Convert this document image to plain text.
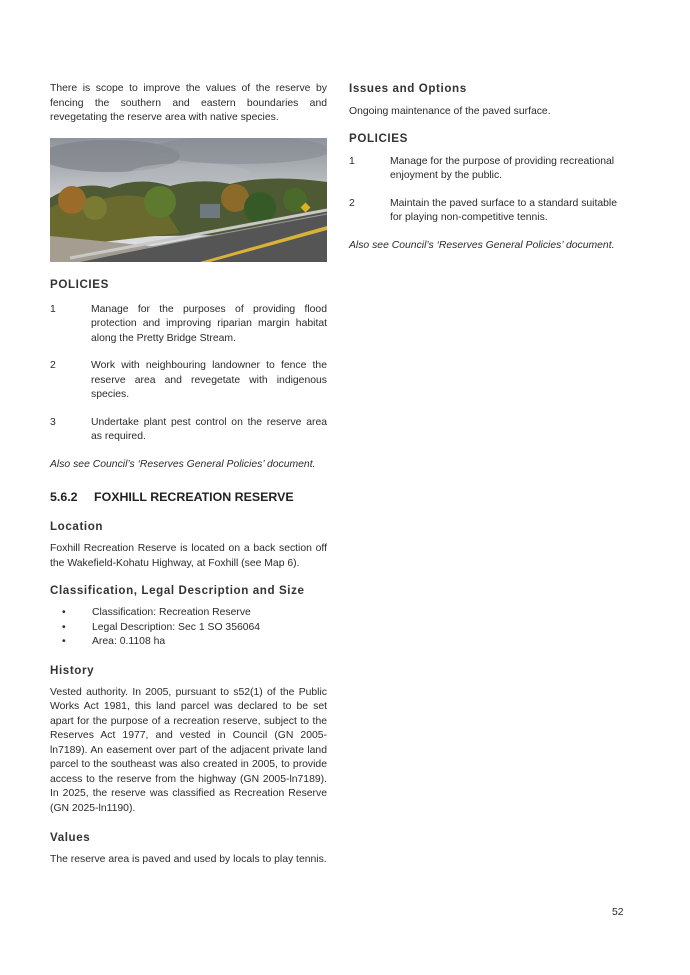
There is scope to improve the values of the reserve by fencing the southern and eastern boundaries and revegetating the reserve area with native species.

POLICIES
1	Manage for the purposes of providing flood protection and improving riparian margin habitat along the Pretty Bridge Stream.
2	Work with neighbouring landowner to fence the reserve area and revegetate with indigenous species.
3	Undertake plant pest control on the reserve area as required.

Also see Council’s ‘Reserves General Policies’ document.

5.6.2 FOXHILL RECREATION RESERVE
Location

Foxhill Recreation Reserve is located on a back section off the Wakefield-Kohatu Highway, at Foxhill (see Map 6).

Classification, Legal Description and Size
•	Classification: Recreation Reserve
•	Legal Description: Sec 1 SO 356064
•	Area: 0.1108 ha
History

Vested authority. In 2005, pursuant to s52(1) of the Public Works Act 1981, this land parcel was declared to be set apart for the purpose of a recreation reserve, subject to the Reserves Act 1977, and vested in Council (GN 2005-ln7189). An easement over part of the adjacent private land parcel to the southeast was also created in 2005, to provide access to the reserve from the highway (GN 2005-ln7189). In 2025, the reserve was classified as Recreation Reserve (GN 2025-ln1190).

Values

The reserve area is paved and used by locals to play tennis.

Issues and Options

Ongoing maintenance of the paved surface.

POLICIES
1	Manage for the purpose of providing recreational enjoyment by the public.
2	Maintain the paved surface to a standard suitable for playing non-competitive tennis.

Also see Council’s ‘Reserves General Policies’ document.

52
